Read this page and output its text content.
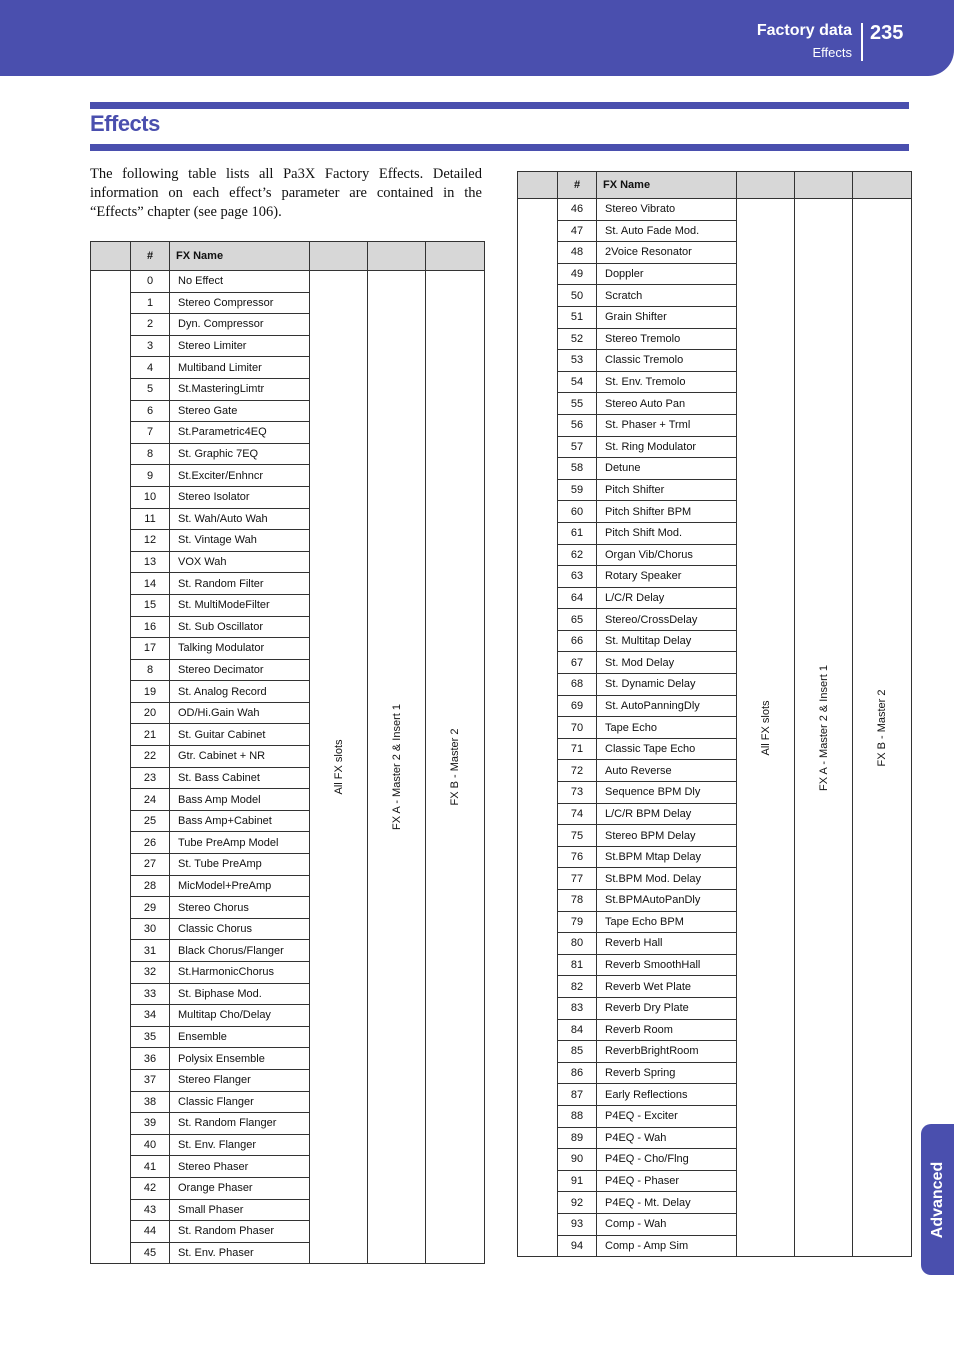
Factory data
Effects
235
Effects

The following table lists all Pa3X Factory Effects. Detailed information on each effect’s parameter are contained in the “Effects” chapter (see page 106).

	#	FX Name			
	0	No Effect	All FX slots	FX A - Master 2 & Insert 1	FX B - Master 2

	1	Stereo Compressor			
	2	Dyn. Compressor			
	3	Stereo Limiter			
	4	Multiband Limiter			
	5	St.MasteringLimtr			
	6	Stereo Gate			
	7	St.Parametric4EQ			
	8	St. Graphic 7EQ			
	9	St.Exciter/Enhncr			
	10	Stereo Isolator			
	11	St. Wah/Auto Wah			
	12	St. Vintage Wah			
	13	VOX Wah			
	14	St. Random Filter			
	15	St. MultiModeFilter			
	16	St. Sub Oscillator			
	17	Talking Modulator			
	8	Stereo Decimator			
	19	St. Analog Record			
	20	OD/Hi.Gain Wah			
	21	St. Guitar Cabinet			
	22	Gtr. Cabinet + NR			
	23	St. Bass Cabinet			
	24	Bass Amp Model			
	25	Bass Amp+Cabinet			
	26	Tube PreAmp Model			
	27	St. Tube PreAmp			
	28	MicModel+PreAmp			
	29	Stereo Chorus			
	30	Classic Chorus			
	31	Black Chorus/Flanger			
	32	St.HarmonicChorus			
	33	St. Biphase Mod.			
	34	Multitap Cho/Delay			
	35	Ensemble			
	36	Polysix Ensemble			
	37	Stereo Flanger			
	38	Classic Flanger			
	39	St. Random Flanger			
	40	St. Env. Flanger			
	41	Stereo Phaser			
	42	Orange Phaser			
	43	Small Phaser			
	44	St. Random Phaser			
	45	St. Env. Phaser			
	#	FX Name			
	46	Stereo Vibrato	All FX slots	FX A - Master 2 & Insert 1	FX B - Master 2

	47	St. Auto Fade Mod.			
	48	2Voice Resonator			
	49	Doppler			
	50	Scratch			
	51	Grain Shifter			
	52	Stereo Tremolo			
	53	Classic Tremolo			
	54	St. Env. Tremolo			
	55	Stereo Auto Pan			
	56	St. Phaser + Trml			
	57	St. Ring Modulator			
	58	Detune			
	59	Pitch Shifter			
	60	Pitch Shifter BPM			
	61	Pitch Shift Mod.			
	62	Organ Vib/Chorus			
	63	Rotary Speaker			
	64	L/C/R Delay			
	65	Stereo/CrossDelay			
	66	St. Multitap Delay			
	67	St. Mod Delay			
	68	St. Dynamic Delay			
	69	St. AutoPanningDly			
	70	Tape Echo			
	71	Classic Tape Echo			
	72	Auto Reverse			
	73	Sequence BPM Dly			
	74	L/C/R BPM Delay			
	75	Stereo BPM Delay			
	76	St.BPM Mtap Delay			
	77	St.BPM Mod. Delay			
	78	St.BPMAutoPanDly			
	79	Tape Echo BPM			
	80	Reverb Hall			
	81	Reverb SmoothHall			
	82	Reverb Wet Plate			
	83	Reverb Dry Plate			
	84	Reverb Room			
	85	ReverbBrightRoom			
	86	Reverb Spring			
	87	Early Reflections			
	88	P4EQ - Exciter			
	89	P4EQ - Wah			
	90	P4EQ - Cho/Flng			
	91	P4EQ - Phaser			
	92	P4EQ - Mt. Delay			
	93	Comp - Wah			
	94	Comp - Amp Sim			
Advanced
